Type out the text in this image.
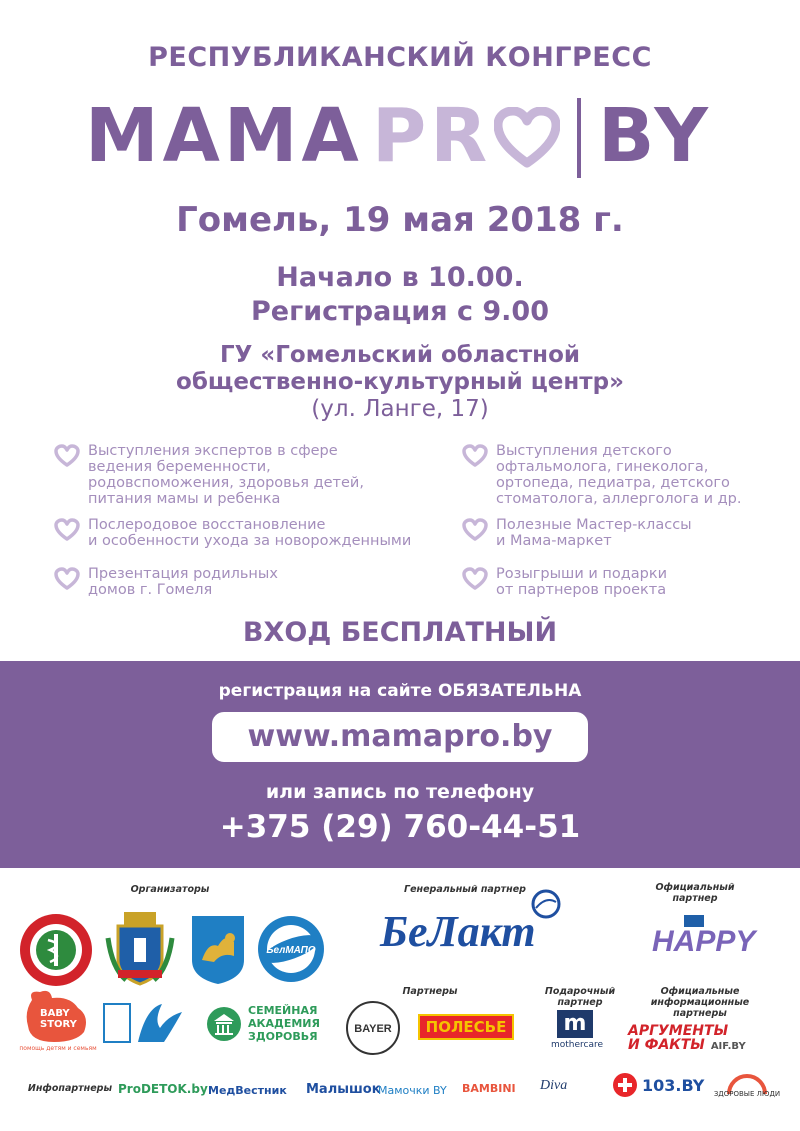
РЕСПУБЛИКАНСКИЙ КОНГРЕСС
MAMA PR BY
Гомель, 19 мая 2018 г.
Начало в 10.00.
Регистрация с 9.00
ГУ «Гомельский областной
общественно-культурный центр»
(ул. Ланге, 17)
Выступления экспертов в сфере
ведения беременности,
родовспоможения, здоровья детей,
питания мамы и ребенка
Послеродовое восстановление
и особенности ухода за новорожденными
Презентация родильных
домов г. Гомеля
Выступления детского
офтальмолога, гинеколога,
ортопеда, педиатра, детского
стоматолога, аллерголога и др.
Полезные Мастер-классы
и Мама-маркет
Розыгрыши и подарки
от партнеров проекта
ВХОД БЕСПЛАТНЫЙ
регистрация на сайте ОБЯЗАТЕЛЬНА
www.mamapro.by
или запись по телефону
+375 (29) 760-44-51
Организаторы	Генеральный партнер	Официальный
партнер
Партнеры	Подарочный
партнер
Официальные
информационные
партнеры
Инфопартнеры
БелМАПО БеЛакт	HAPPY
BABY
STORY
помощь детям и семьям
СЕМЕЙНАЯ
АКАДЕМИЯ
ЗДОРОВЬЯ
BAYER	ПОЛЕСЬЕ	m
mothercare
АРГУМЕНТЫ
И ФАКТЫ AIF.BY
ProDETOK.by МедВестник Малышок
Мамочки BY BAMBINI Diva	103.BY ЗДОРОВЫЕ ЛЮДИ
